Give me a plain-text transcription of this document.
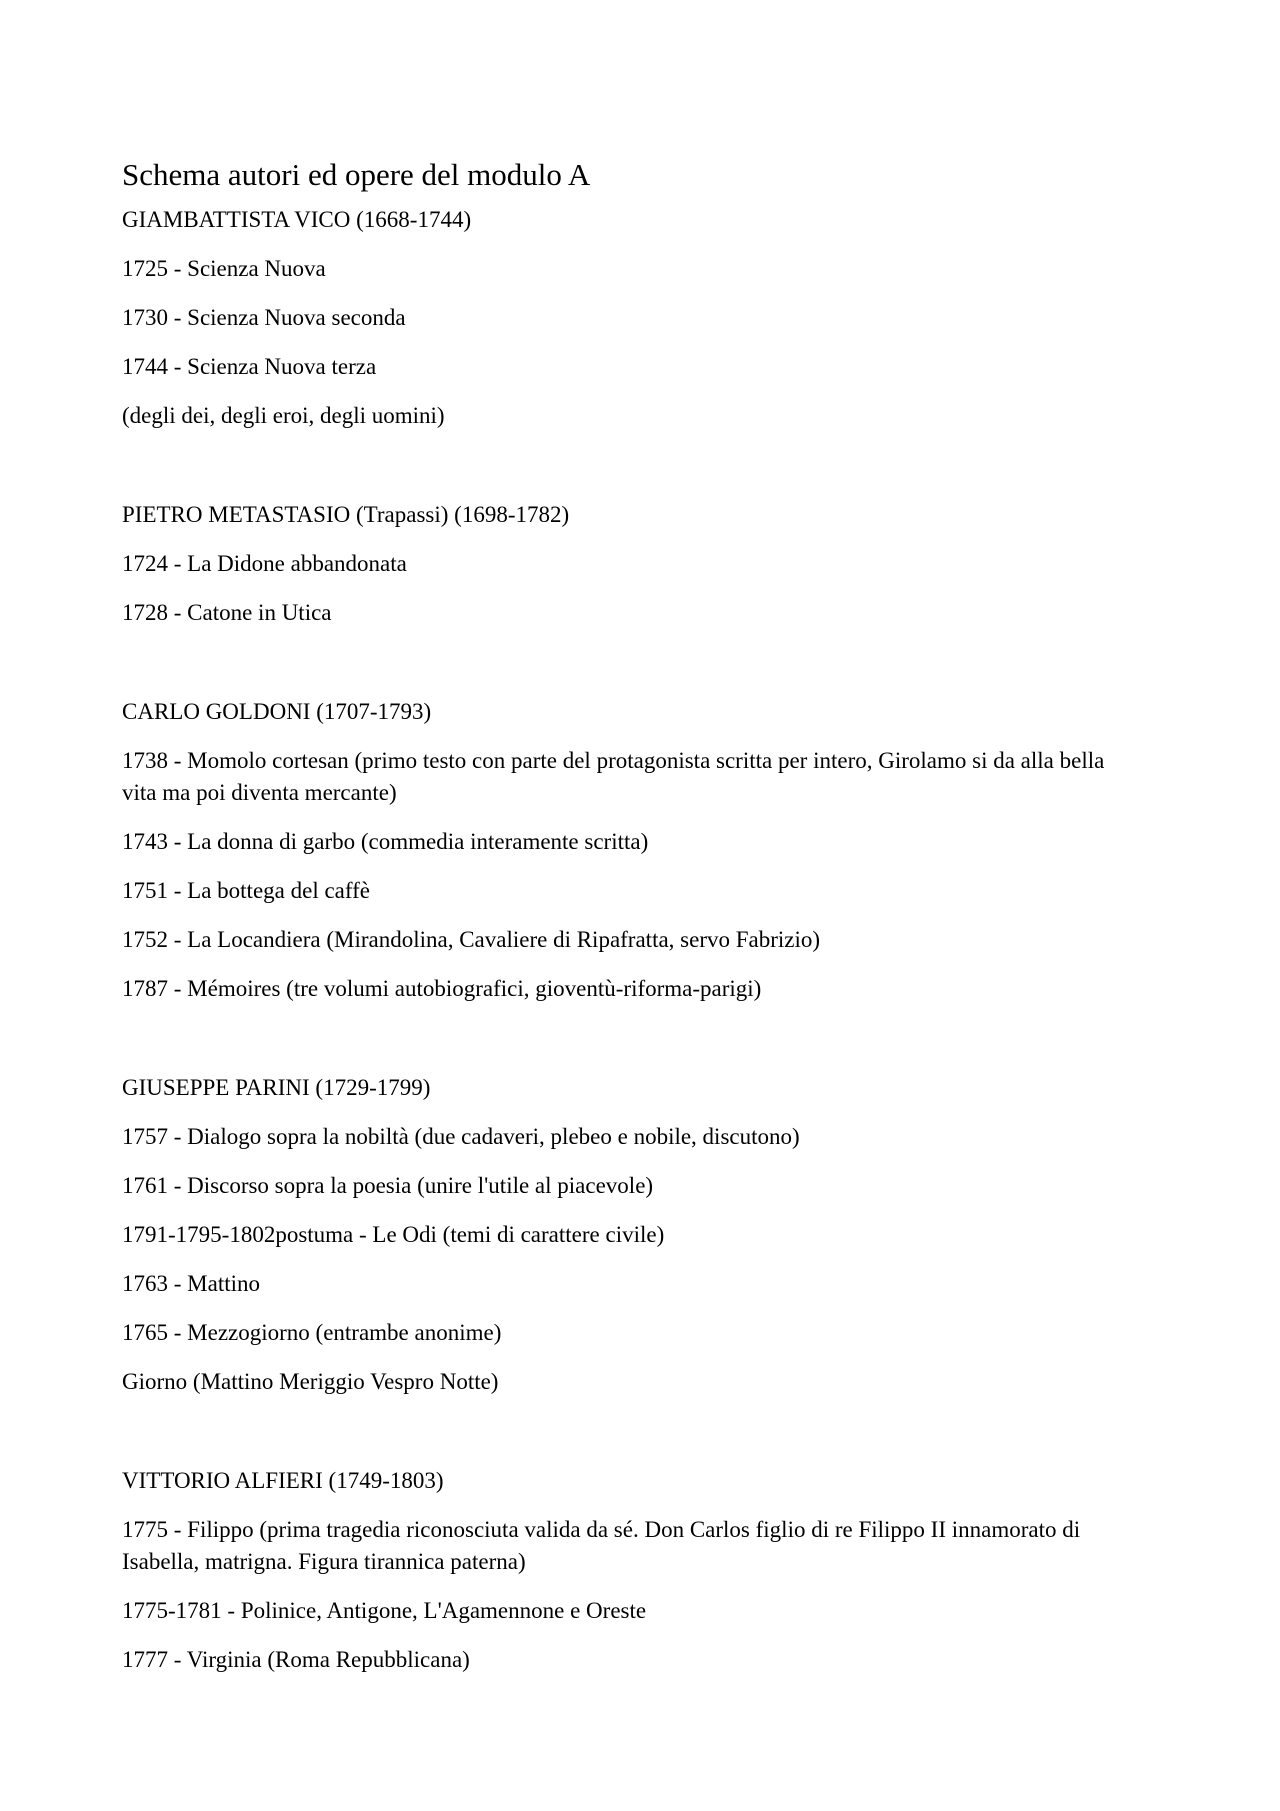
Schema autori ed opere del modulo A
GIAMBATTISTA VICO (1668-1744)
1725 - Scienza Nuova
1730 - Scienza Nuova seconda
1744 - Scienza Nuova terza
(degli dei, degli eroi, degli uomini)
PIETRO METASTASIO (Trapassi) (1698-1782)
1724 - La Didone abbandonata
1728 - Catone in Utica
CARLO GOLDONI (1707-1793)
1738 - Momolo cortesan (primo testo con parte del protagonista scritta per intero, Girolamo si da alla bella vita ma poi diventa mercante)
1743 - La donna di garbo (commedia interamente scritta)
1751 - La bottega del caffè
1752 - La Locandiera (Mirandolina, Cavaliere di Ripafratta, servo Fabrizio)
1787 - Mémoires (tre volumi autobiografici, gioventù-riforma-parigi)
GIUSEPPE PARINI (1729-1799)
1757 - Dialogo sopra la nobiltà (due cadaveri, plebeo e nobile, discutono)
1761 - Discorso sopra la poesia (unire l'utile al piacevole)
1791-1795-1802postuma - Le Odi (temi di carattere civile)
1763 - Mattino
1765 - Mezzogiorno (entrambe anonime)
Giorno (Mattino Meriggio Vespro Notte)
VITTORIO ALFIERI (1749-1803)
1775 - Filippo (prima tragedia riconosciuta valida da sé. Don Carlos figlio di re Filippo II innamorato di Isabella, matrigna. Figura tirannica paterna)
1775-1781 - Polinice, Antigone, L'Agamennone e Oreste
1777 - Virginia (Roma Repubblicana)
